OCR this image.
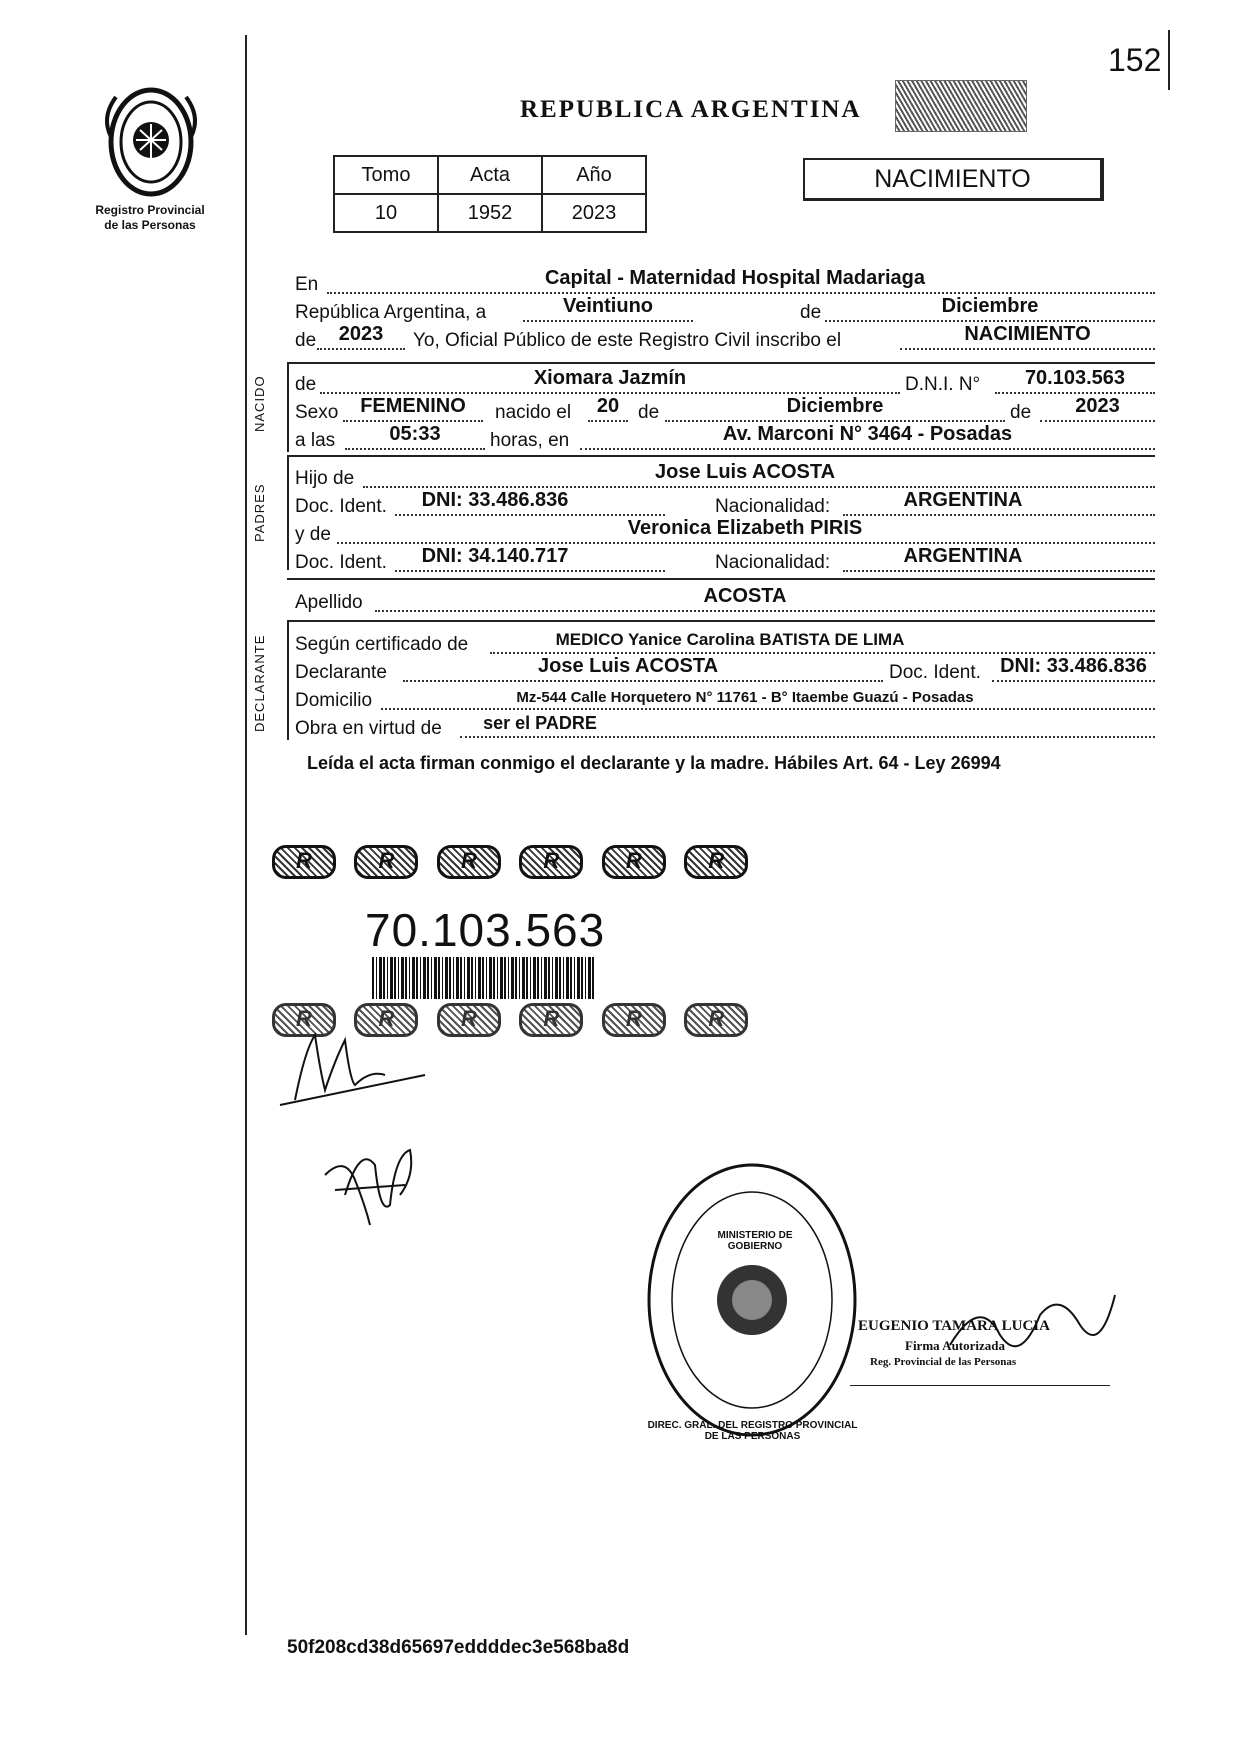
152
Registro Provincial
de las Personas
REPUBLICA ARGENTINA
Tomo	Acta	Año
10	1952	2023
NACIMIENTO
En	Capital - Maternidad Hospital Madariaga
República Argentina, a	Veintiuno	de	Diciembre
de	2023	Yo, Oficial Público de este Registro Civil inscribo el	NACIMIENTO
NACIDO de	Xiomara Jazmín	D.N.I. N°	70.103.563
Sexo	FEMENINO	nacido el	20 de	Diciembre	de	2023
a las	05:33	horas, en	Av. Marconi N° 3464 - Posadas
PADRES
Hijo de	Jose Luis ACOSTA
Doc. Ident.	DNI: 33.486.836	Nacionalidad:	ARGENTINA
y de	Veronica Elizabeth PIRIS
Doc. Ident.	DNI: 34.140.717	Nacionalidad:	ARGENTINA
Apellido	ACOSTA
DECLARANTE Según certificado de	MEDICO Yanice Carolina BATISTA DE LIMA
Declarante	Jose Luis ACOSTA	Doc. Ident. DNI: 33.486.836
Domicilio	Mz-544 Calle Horquetero N° 11761 - B° Itaembe Guazú - Posadas
Obra en virtud de	ser el PADRE
Leída el acta firman conmigo el declarante y la madre. Hábiles Art. 64 - Ley 26994
R	R	R	R	R	R
70.103.563
R	R	R	R	R	R
DIREC. GRAL. DEL REGISTRO PROVINCIAL DE LAS PERSONAS
MINISTERIO DE GOBIERNO
EUGENIO TAMARA LUCIA
Firma Autorizada
Reg. Provincial de las Personas
50f208cd38d65697eddddec3e568ba8d
